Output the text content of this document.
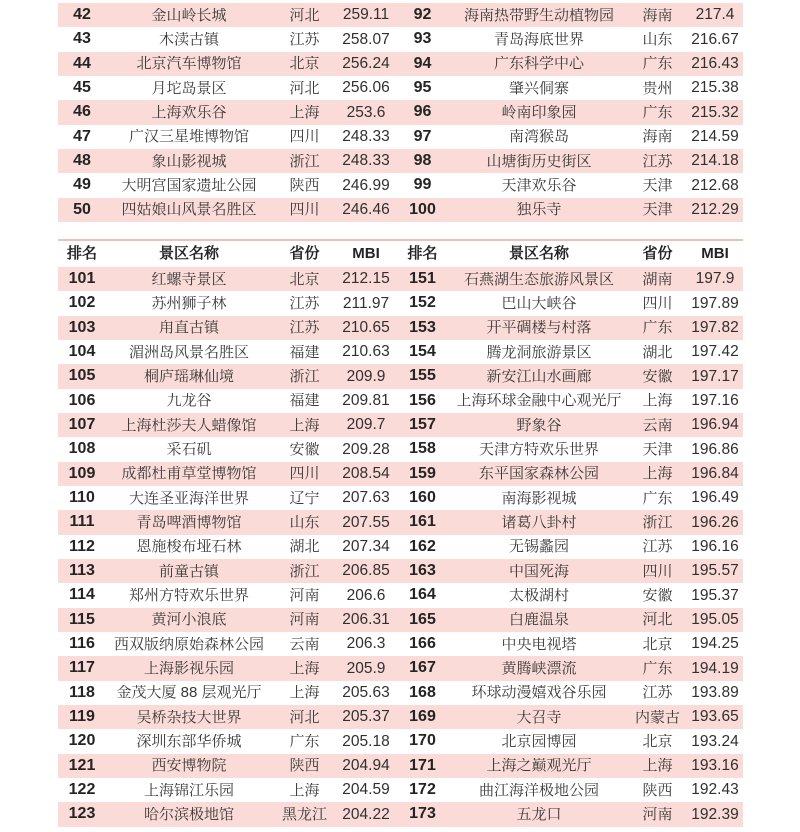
42	金山岭长城	河北	259.11	92	海南热带野生动植物园	海南	217.4
43	木渎古镇	江苏	258.07	93	青岛海底世界	山东	216.67
44	北京汽车博物馆	北京	256.24	94	广东科学中心	广东	216.43
45	月坨岛景区	河北	256.06	95	肇兴侗寨	贵州	215.38
46	上海欢乐谷	上海	253.6	96	岭南印象园	广东	215.32
47	广汉三星堆博物馆	四川	248.33	97	南湾猴岛	海南	214.59
48	象山影视城	浙江	248.33	98	山塘街历史街区	江苏	214.18
49	大明宫国家遗址公园	陕西	246.99	99	天津欢乐谷	天津	212.68
50	四姑娘山风景名胜区	四川	246.46	100	独乐寺	天津	212.29
排名	景区名称	省份	MBI	排名	景区名称	省份	MBI
101	红螺寺景区	北京	212.15	151	石燕湖生态旅游风景区	湖南	197.9
102	苏州狮子林	江苏	211.97	152	巴山大峡谷	四川	197.89
103	甪直古镇	江苏	210.65	153	开平碉楼与村落	广东	197.82
104	湄洲岛风景名胜区	福建	210.63	154	腾龙洞旅游景区	湖北	197.42
105	桐庐瑶琳仙境	浙江	209.9	155	新安江山水画廊	安徽	197.17
106	九龙谷	福建	209.81	156	上海环球金融中心观光厅	上海	197.16
107	上海杜莎夫人蜡像馆	上海	209.7	157	野象谷	云南	196.94
108	采石矶	安徽	209.28	158	天津方特欢乐世界	天津	196.86
109	成都杜甫草堂博物馆	四川	208.54	159	东平国家森林公园	上海	196.84
110	大连圣亚海洋世界	辽宁	207.63	160	南海影视城	广东	196.49
111	青岛啤酒博物馆	山东	207.55	161	诸葛八卦村	浙江	196.26
112	恩施梭布垭石林	湖北	207.34	162	无锡蠡园	江苏	196.16
113	前童古镇	浙江	206.85	163	中国死海	四川	195.57
114	郑州方特欢乐世界	河南	206.6	164	太极湖村	安徽	195.37
115	黄河小浪底	河南	206.31	165	白鹿温泉	河北	195.05
116	西双版纳原始森林公园	云南	206.3	166	中央电视塔	北京	194.25
117	上海影视乐园	上海	205.9	167	黄腾峡漂流	广东	194.19
118	金茂大厦 88 层观光厅	上海	205.63	168	环球动漫嬉戏谷乐园	江苏	193.89
119	吴桥杂技大世界	河北	205.37	169	大召寺	内蒙古 193.65
120	深圳东部华侨城	广东	205.18	170	北京园博园	北京	193.24
121	西安博物院	陕西	204.94	171	上海之巅观光厅	上海	193.16
122	上海锦江乐园	上海	204.59	172	曲江海洋极地公园	陕西	192.43
123	哈尔滨极地馆	黑龙江 204.22	173	五龙口	河南	192.39
